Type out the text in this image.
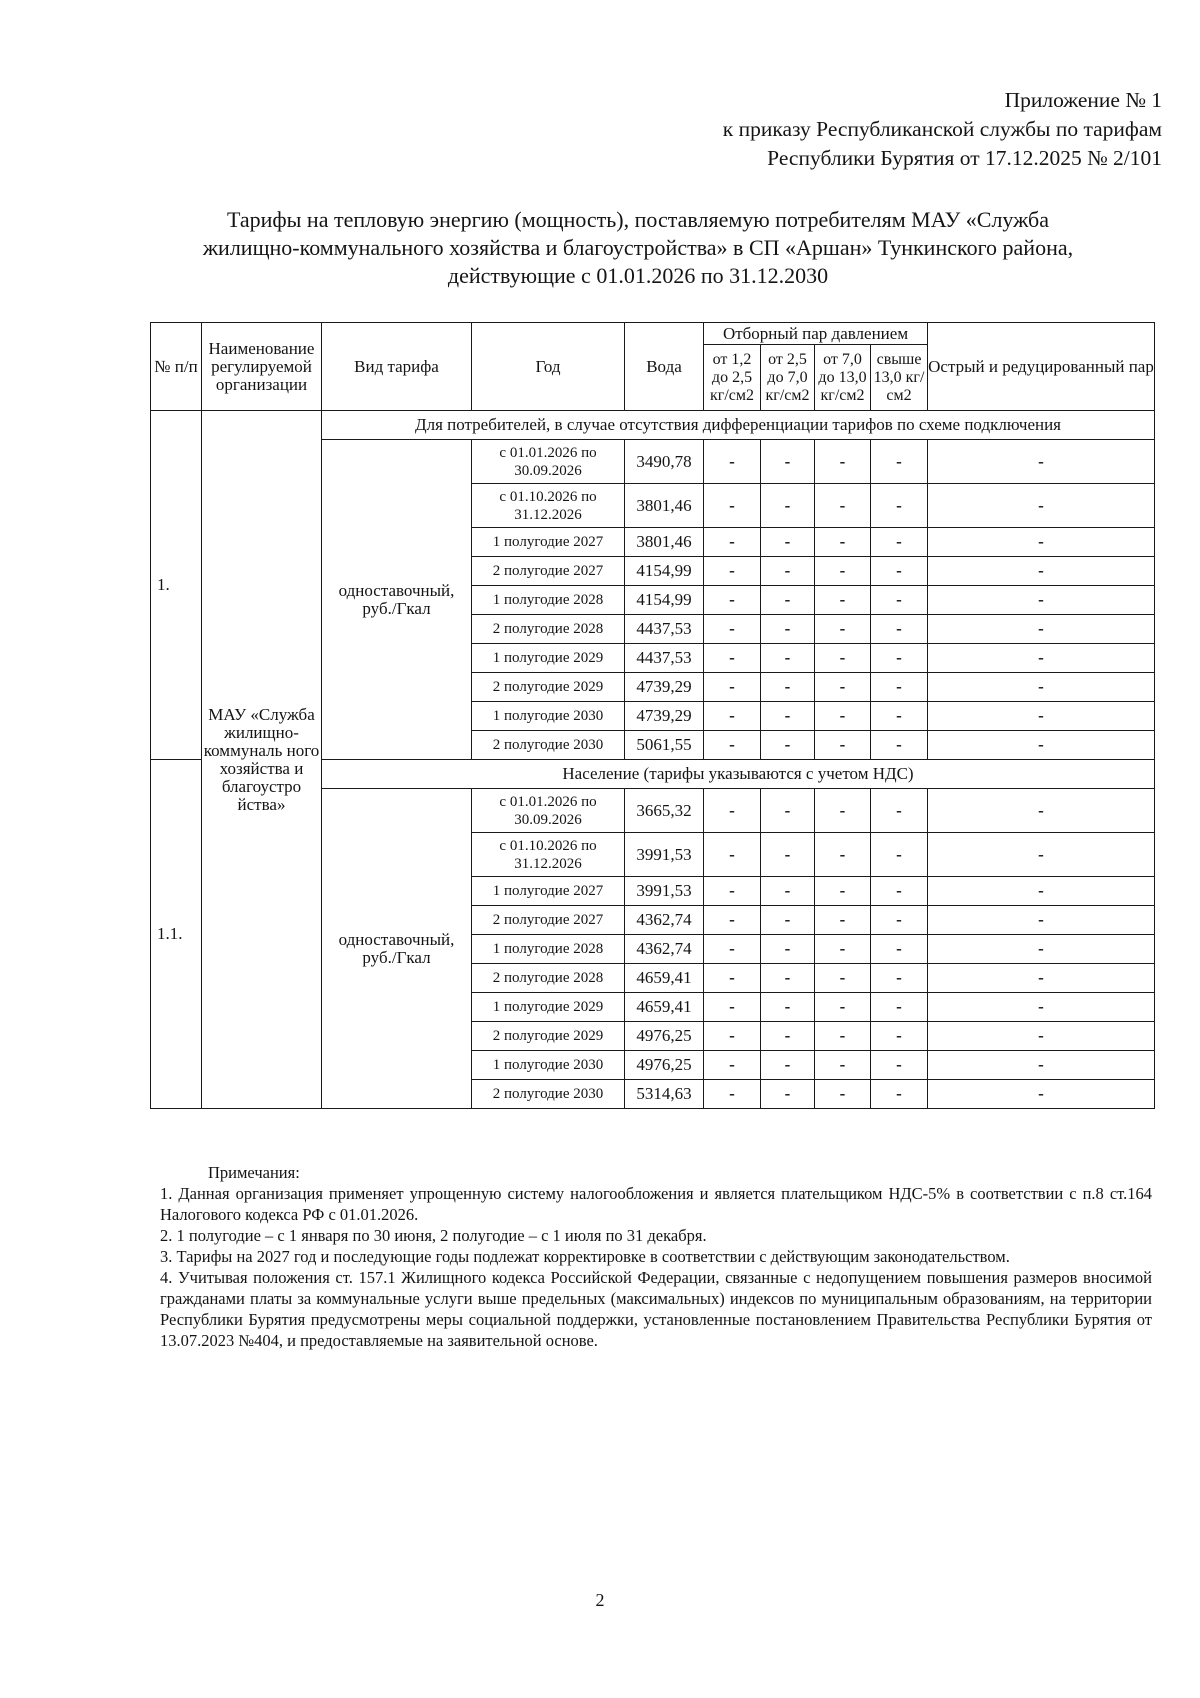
Приложение № 1
к приказу Республиканской службы по тарифам
Республики Бурятия от 17.12.2025 № 2/101
Тарифы на тепловую энергию (мощность), поставляемую потребителям МАУ «Служба
жилищно-коммунального хозяйства и благоустройства» в СП «Аршан» Тункинского района,
действующие с 01.01.2026 по 31.12.2030
№ п/п	Наименование регулируемой организации	Вид тарифа	Год	Вода	Отборный пар давлением				Острый и редуцированный пар
					от 1,2 до 2,5 кг/см2	от 2,5 до 7,0 кг/см2	от 7,0 до 13,0 кг/см2	свыше 13,0 кг/см2	
1.	МАУ «Служба жилищно-коммуналь ного хозяйства и благоустро йства»	Для потребителей, в случае отсутствия дифференциации тарифов по схеме подключения							
		одноставочный, руб./Гкал	с 01.01.2026 по 30.09.2026	3490,78	-	-	-	-	-
			с 01.10.2026 по 31.12.2026	3801,46	-	-	-	-	-
			1 полугодие 2027	3801,46	-	-	-	-	-
			2 полугодие 2027	4154,99	-	-	-	-	-
			1 полугодие 2028	4154,99	-	-	-	-	-
			2 полугодие 2028	4437,53	-	-	-	-	-
			1 полугодие 2029	4437,53	-	-	-	-	-
			2 полугодие 2029	4739,29	-	-	-	-	-
			1 полугодие 2030	4739,29	-	-	-	-	-
			2 полугодие 2030	5061,55	-	-	-	-	-
1.1.		Население (тарифы указываются с учетом НДС)							
		одноставочный, руб./Гкал	с 01.01.2026 по 30.09.2026	3665,32	-	-	-	-	-
			с 01.10.2026 по 31.12.2026	3991,53	-	-	-	-	-
			1 полугодие 2027	3991,53	-	-	-	-	-
			2 полугодие 2027	4362,74	-	-	-	-	-
			1 полугодие 2028	4362,74	-	-	-	-	-
			2 полугодие 2028	4659,41	-	-	-	-	-
			1 полугодие 2029	4659,41	-	-	-	-	-
			2 полугодие 2029	4976,25	-	-	-	-	-
			1 полугодие 2030	4976,25	-	-	-	-	-
			2 полугодие 2030	5314,63	-	-	-	-	-

Примечания:

1. Данная организация применяет упрощенную систему налогообложения и является плательщиком НДС-5% в соответствии с п.8 ст.164 Налогового кодекса РФ с 01.01.2026.

2. 1 полугодие – с 1 января по 30 июня, 2 полугодие – с 1 июля по 31 декабря.

3. Тарифы на 2027 год и последующие годы подлежат корректировке в соответствии с действующим законодательством.

4. Учитывая положения ст. 157.1 Жилищного кодекса Российской Федерации, связанные с недопущением повышения размеров вносимой гражданами платы за коммунальные услуги выше предельных (максимальных) индексов по муниципальным образованиям, на территории Республики Бурятия предусмотрены меры социальной поддержки, установленные постановлением Правительства Республики Бурятия от 13.07.2023 №404, и предоставляемые на заявительной основе.

2
